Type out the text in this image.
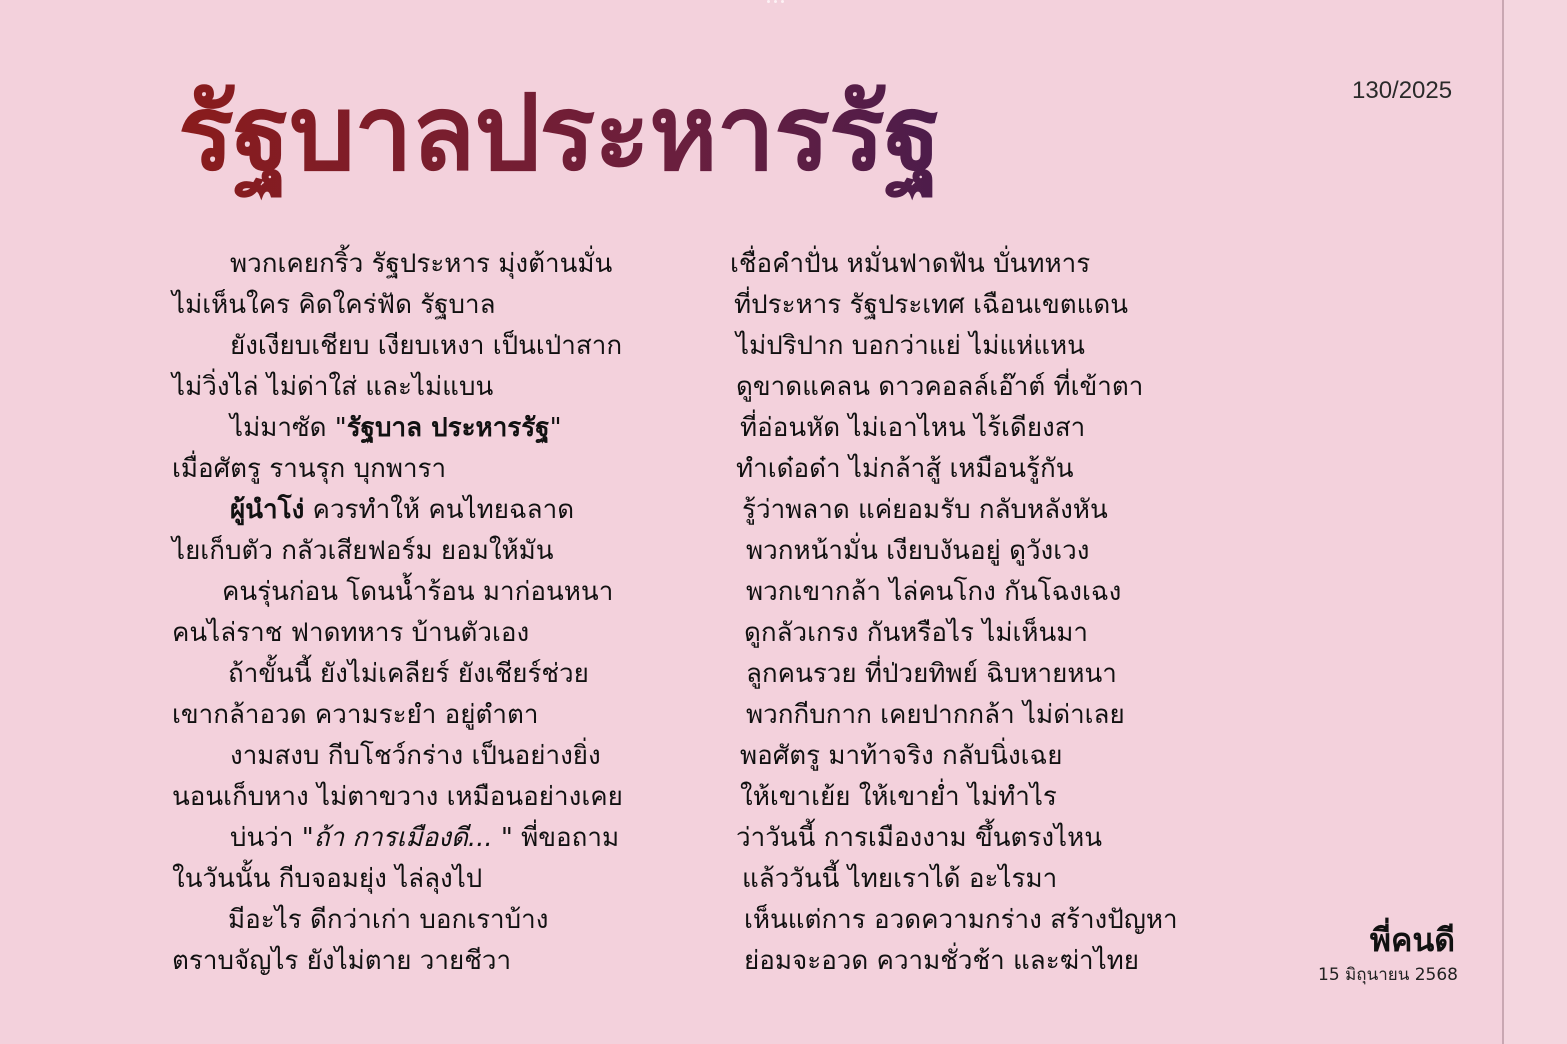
รัฐบาลประหารรัฐ	130/2025
พวกเคยกริ้ว รัฐประหาร มุ่งต้านมั่น
ไม่เห็นใคร คิดใคร่ฟัด รัฐบาล
ยังเงียบเชียบ เงียบเหงา เป็นเป่าสาก
ไม่วิ่งไล่ ไม่ด่าใส่ และไม่แบน
ไม่มาซัด "รัฐบาล ประหารรัฐ"
เมื่อศัตรู รานรุก บุกพารา
ผู้นำโง่ ควรทำให้ คนไทยฉลาด
ไยเก็บตัว กลัวเสียฟอร์ม ยอมให้มัน
คนรุ่นก่อน โดนน้ำร้อน มาก่อนหนา
คนไล่ราช ฟาดทหาร บ้านตัวเอง
ถ้าขั้นนี้ ยังไม่เคลียร์ ยังเชียร์ช่วย
เขากล้าอวด ความระยำ อยู่ตำตา
งามสงบ กีบโชว์กร่าง เป็นอย่างยิ่ง
นอนเก็บหาง ไม่ตาขวาง เหมือนอย่างเคย
บ่นว่า "ถ้า การเมืองดี... " พี่ขอถาม
ในวันนั้น กีบจอมยุ่ง ไล่ลุงไป
มีอะไร ดีกว่าเก่า บอกเราบ้าง
ตราบจัญไร ยังไม่ตาย วายชีวา
เชื่อคำปั่น หมั่นฟาดฟัน บั่นทหาร
ที่ประหาร รัฐประเทศ เฉือนเขตแดน
ไม่ปริปาก บอกว่าแย่ ไม่แห่แหน
ดูขาดแคลน ดาวคอลล์เอ๊าต์ ที่เข้าตา
ที่อ่อนหัด ไม่เอาไหน ไร้เดียงสา
ทำเด๋อด๋า ไม่กล้าสู้ เหมือนรู้กัน
รู้ว่าพลาด แค่ยอมรับ กลับหลังหัน
พวกหน้ามั่น เงียบงันอยู่ ดูวังเวง
พวกเขากล้า ไล่คนโกง กันโฉงเฉง
ดูกลัวเกรง กันหรือไร ไม่เห็นมา
ลูกคนรวย ที่ป่วยทิพย์ ฉิบหายหนา
พวกกีบกาก เคยปากกล้า ไม่ด่าเลย
พอศัตรู มาท้าจริง กลับนิ่งเฉย
ให้เขาเย้ย ให้เขาย่ำ ไม่ทำไร
ว่าวันนี้ การเมืองงาม ขึ้นตรงไหน
แล้ววันนี้ ไทยเราได้ อะไรมา
เห็นแต่การ อวดความกร่าง สร้างปัญหา
ย่อมจะอวด ความชั่วช้า และฆ่าไทย
พี่คนดี
15 มิถุนายน 2568
